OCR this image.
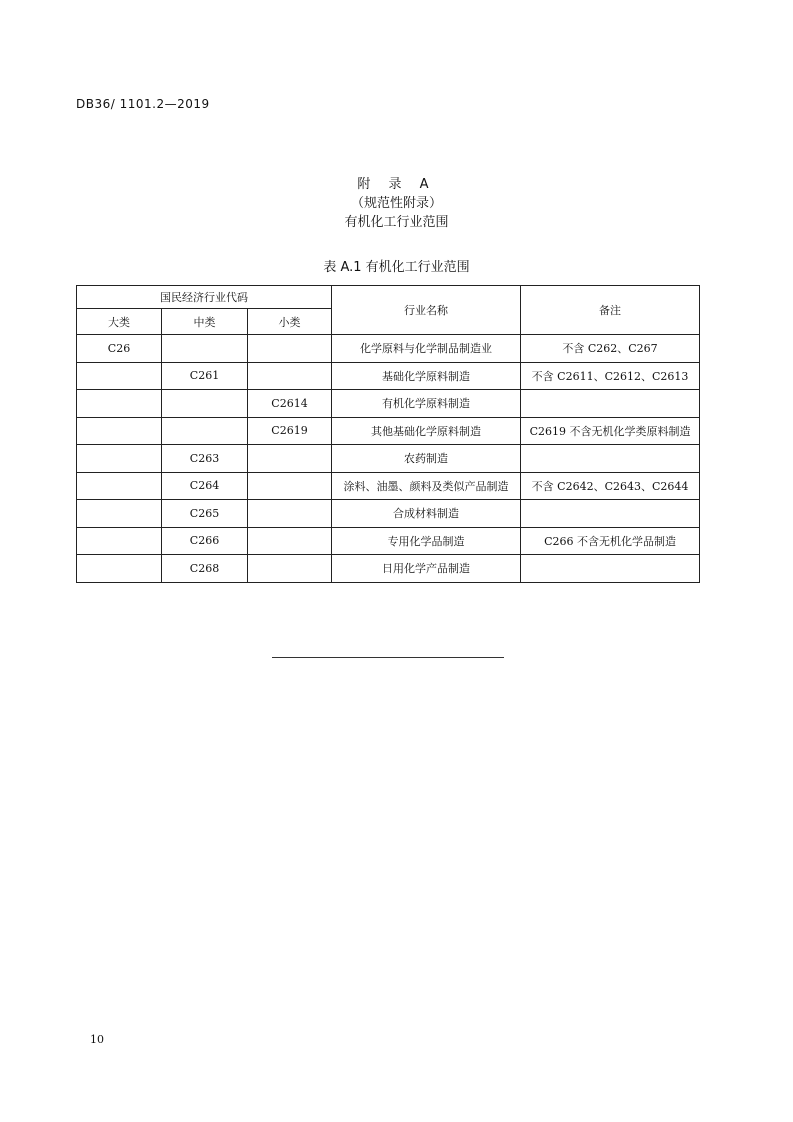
DB36/ 1101.2—2019
附 录 A
（规范性附录）
有机化工行业范围
表 A.1 有机化工行业范围
国民经济行业代码			行业名称	备注
大类	中类	小类		
C26			化学原料与化学制品制造业	不含 C262、C267
	C261		基础化学原料制造	不含 C2611、C2612、C2613
		C2614	有机化学原料制造	
		C2619	其他基础化学原料制造	C2619 不含无机化学类原料制造
	C263		农药制造	
	C264		涂料、油墨、颜料及类似产品制造	不含 C2642、C2643、C2644
	C265		合成材料制造	
	C266		专用化学品制造	C266 不含无机化学品制造
	C268		日用化学产品制造	
10
